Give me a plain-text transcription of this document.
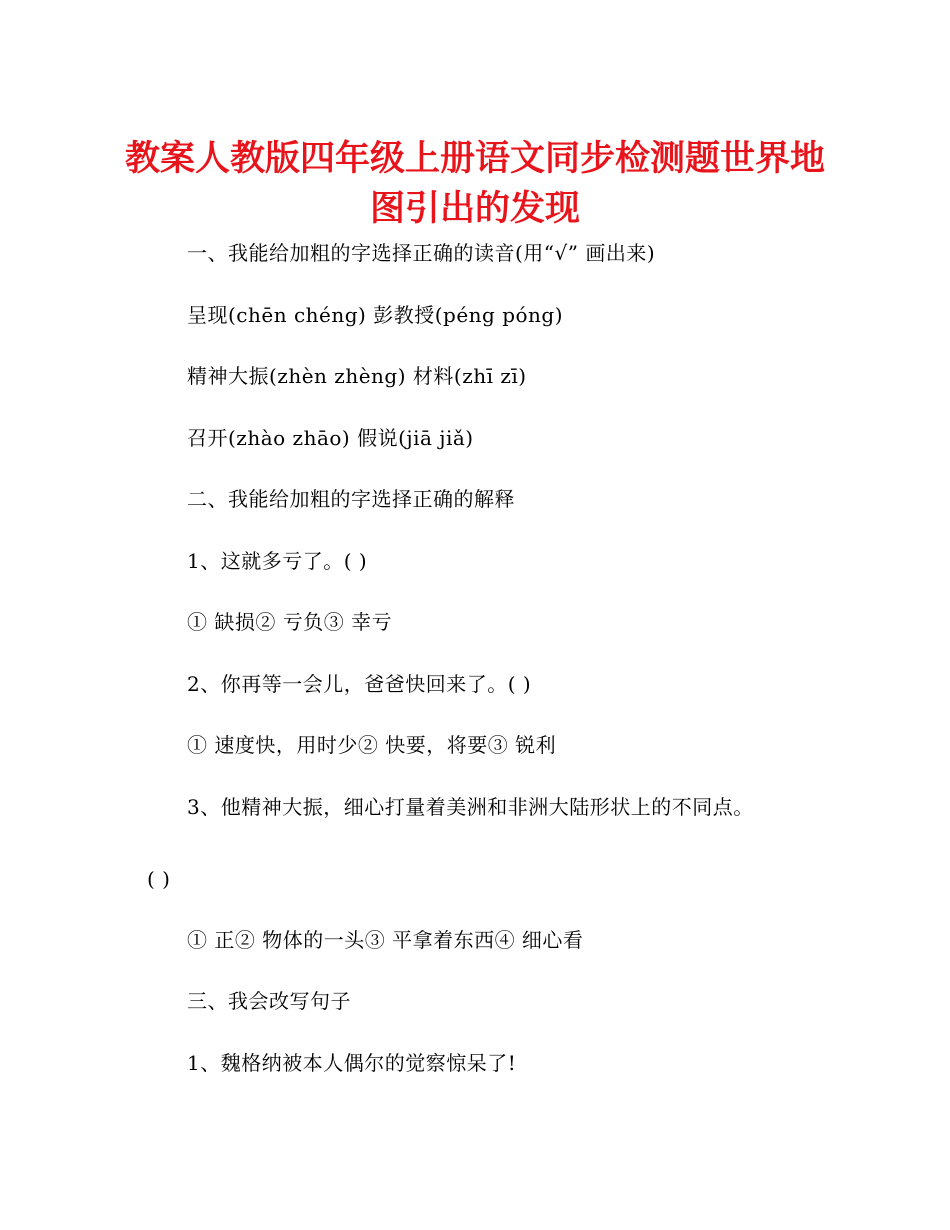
教案人教版四年级上册语文同步检测题世界地图引出的发现
一、我能给加粗的字选择正确的读音(用“√” 画出来)
呈现(chēn chéng) 彭教授(péng póng)
精神大振(zhèn zhèng) 材料(zhī zī)
召开(zhào zhāo) 假说(jiā jiǎ)
二、我能给加粗的字选择正确的解释
1、这就多亏了。( )
① 缺损② 亏负③ 幸亏
2、你再等一会儿，爸爸快回来了。( )
① 速度快，用时少② 快要，将要③ 锐利
3、他精神大振，细心打量着美洲和非洲大陆形状上的不同点。
( )
① 正② 物体的一头③ 平拿着东西④ 细心看
三、我会改写句子
1、魏格纳被本人偶尔的觉察惊呆了!
